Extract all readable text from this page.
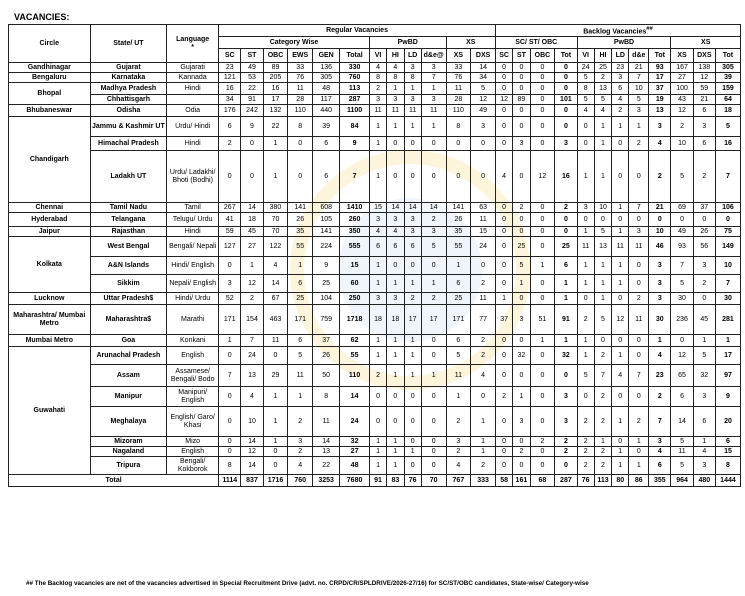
VACANCIES:
Circle	State/ UT	Language
*	Regular Vacancies												Backlog Vacancies##
			Category Wise						PwBD				XS		SC/ ST/ OBC				PwBD					XS		
			SC	ST	OBC	EWS	GEN	Total	VI	HI	LD	d&e@	XS	DXS	SC	ST	OBC	Tot	VI	HI	LD	d&e	Tot	XS	DXS	Tot
Gandhinagar	Gujarat	Gujarati	23	49	89	33	136	330	4	4	3	3	33	14	0	0	0	0	24	25	23	21	93	167	138	305
Bengaluru	Karnataka	Kannada	121	53	205	76	305	760	8	8	8	7	76	34	0	0	0	0	5	2	3	7	17	27	12	39
Bhopal	Madhya Pradesh	Hindi	16	22	16	11	48	113	2	1	1	1	11	5	0	0	0	0	8	13	6	10	37	100	59	159
	Chhattisgarh		34	91	17	28	117	287	3	3	3	3	28	12	12	89	0	101	5	5	4	5	19	43	21	64
Bhubaneswar	Odisha	Odia	176	242	132	110	440	1100	11	11	11	11	110	49	0	0	0	0	4	4	2	3	13	12	6	18
Chandigarh	Jammu & Kashmir UT	Urdu/ Hindi	6	9	22	8	39	84	1	1	1	1	8	3	0	0	0	0	0	1	1	1	3	2	3	5
	Himachal Pradesh	Hindi	2	0	1	0	6	9	1	0	0	0	0	0	0	3	0	3	0	1	0	2	4	10	6	16
	Ladakh UT	Urdu/ Ladakhi/ Bhoti (Bodhi)	0	0	1	0	6	7	1	0	0	0	0	0	4	0	12	16	1	1	0	0	2	5	2	7
Chennai	Tamil Nadu	Tamil	267	14	380	141	608	1410	15	14	14	14	141	63	0	2	0	2	3	10	1	7	21	69	37	106
Hyderabad	Telangana	Telugu/ Urdu	41	18	70	26	105	260	3	3	3	2	26	11	0	0	0	0	0	0	0	0	0	0	0	0
Jaipur	Rajasthan	Hindi	59	45	70	35	141	350	4	4	3	3	35	15	0	0	0	0	1	5	1	3	10	49	26	75
Kolkata	West Bengal	Bengali/ Nepali	127	27	122	55	224	555	6	6	6	5	55	24	0	25	0	25	11	13	11	11	46	93	56	149
	A&N Islands	Hindi/ English	0	1	4	1	9	15	1	0	0	0	1	0	0	5	1	6	1	1	1	0	3	7	3	10
	Sikkim	Nepali/ English	3	12	14	6	25	60	1	1	1	1	6	2	0	1	0	1	1	1	1	0	3	5	2	7
Lucknow	Uttar Pradesh$	Hindi/ Urdu	52	2	67	25	104	250	3	3	2	2	25	11	1	0	0	1	0	1	0	2	3	30	0	30
Maharashtra/ Mumbai Metro	Maharashtra$	Marathi	171	154	463	171	759	1718	18	18	17	17	171	77	37	3	51	91	2	5	12	11	30	236	45	281
Mumbai Metro	Goa	Konkani	1	7	11	6	37	62	1	1	1	0	6	2	0	0	1	1	1	0	0	0	1	0	1	1
Guwahati	Arunachal Pradesh	English	0	24	0	5	26	55	1	1	1	0	5	2	0	32	0	32	1	2	1	0	4	12	5	17
	Assam	Assamese/ Bengali/ Bodo	7	13	29	11	50	110	2	1	1	1	11	4	0	0	0	0	5	7	4	7	23	65	32	97
	Manipur	Manipuri/ English	0	4	1	1	8	14	0	0	0	0	1	0	2	1	0	3	0	2	0	0	2	6	3	9
	Meghalaya	English/ Garo/ Khasi	0	10	1	2	11	24	0	0	0	0	2	1	0	3	0	3	2	2	1	2	7	14	6	20
	Mizoram	Mizo	0	14	1	3	14	32	1	1	0	0	3	1	0	0	2	2	2	1	0	1	3	5	1	6
	Nagaland	English	0	12	0	2	13	27	1	1	1	0	2	1	0	2	0	2	2	2	1	0	4	11	4	15
	Tripura	Bengali/ Kokborok	8	14	0	4	22	48	1	1	0	0	4	2	0	0	0	0	2	2	1	1	6	5	3	8
Total			1114	837	1716	760	3253	7680	91	83	76	70	767	333	58	161	68	287	76	113	80	86	355	964	480	1444
## The Backlog vacancies are net of the vacancies advertised in Special Recruitment Drive (advt. no. CRPD/CR/SPLDRIVE/2026-27/16) for SC/ST/OBC candidates, State-wise/ Category-wise
